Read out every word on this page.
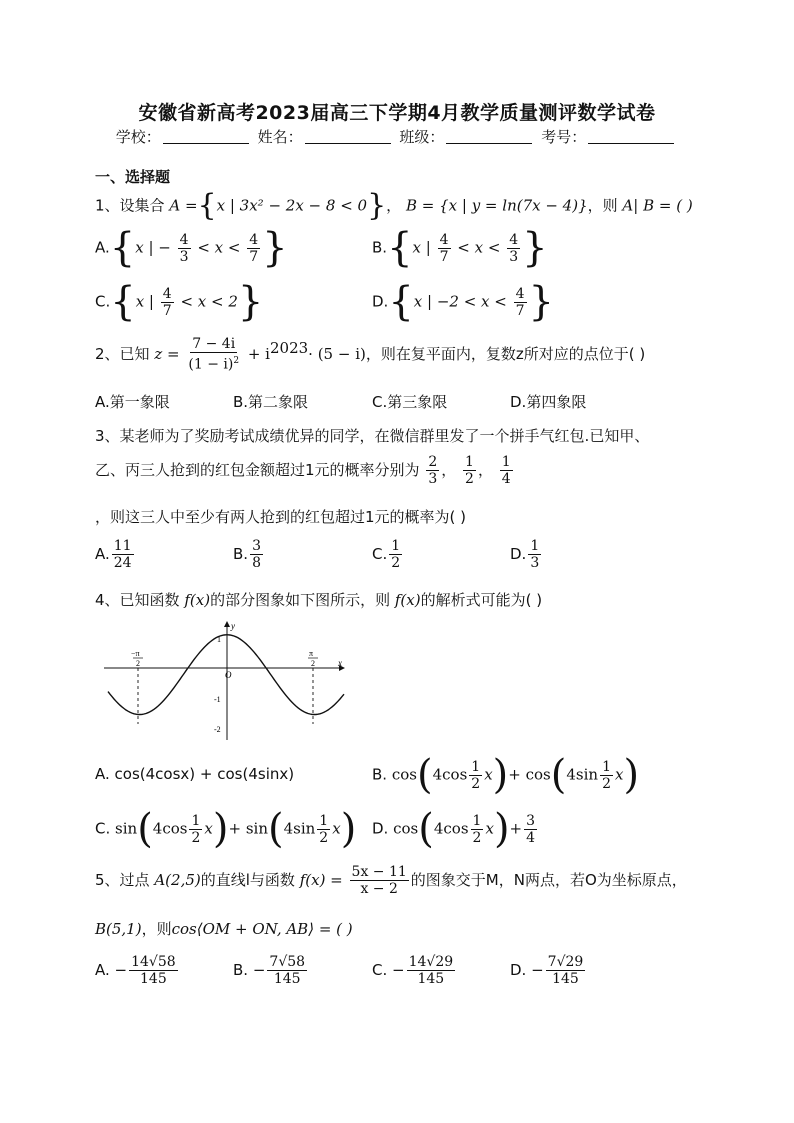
安徽省新高考2023届高三下学期4月教学质量测评数学试卷
学校：	姓名：	班级：	考号：
一、选择题
1、设集合 A ={x | 3x² − 2x − 8 < 0}， B = {x | y = ln(7x − 4)}，则 A| B = ( )
A.{x | − $\frac{4}{3} < x < \frac{4}{7}$ }	B.{x | $\frac{4}{7} < x < \frac{4}{3}$ }
C.{x | $\frac{4}{7} < x < 2$}	D.{x | $-2 < x < \frac{4}{7}$ }
2、已知 $z = \frac{7 - 4i}{(1 - i)^2} + i^{2023}\cdot (5 - i)$，则在复平面内，复数z所对应的点位于( )
A.第一象限	B.第二象限	C.第三象限	D.第四象限
3、某老师为了奖励考试成绩优异的同学，在微信群里发了一个拼手气红包.已知甲、
乙、丙三人抢到的红包金额超过1元的概率分别为 $\frac{2}{3}$ ， $\frac{1}{2}$ ， $\frac{1}{4}$
，则这三人中至少有两人抢到的红包超过1元的概率为( )
A. $\frac{11}{24}$	B. $\frac{3}{8}$	C. $\frac{1}{2}$	D. $\frac{1}{3}$
4、已知函数 f(x)的部分图象如下图所示，则 f(x)的解析式可能为( )
y
x
O
1
-1
-2
−π
2
π
2
A. cos(4cosx) + cos(4sinx)	B. $\cos(4\cos \frac{1}{2} x)+ \cos(4\sin \frac{1}{2} x)$
C. $\sin(4\cos \frac{1}{2} x)+ \sin(4\sin \frac{1}{2} x)$ D. $\cos(4\cos \frac{1}{2} x)+ \frac{3}{4}$
5、过点 A(2,5)的直线l与函数 $f(x) = \frac{5x - 11}{x - 2}$ 的图象交于M，N两点，若O为坐标原点，
B(5,1)，则cos⟨OM + ON, AB⟩ = ( )
A. − $\frac{14√58}{145}$	B. − $\frac{7√58}{145}$	C. − $\frac{14√29}{145}$	D. − $\frac{7√29}{145}$
